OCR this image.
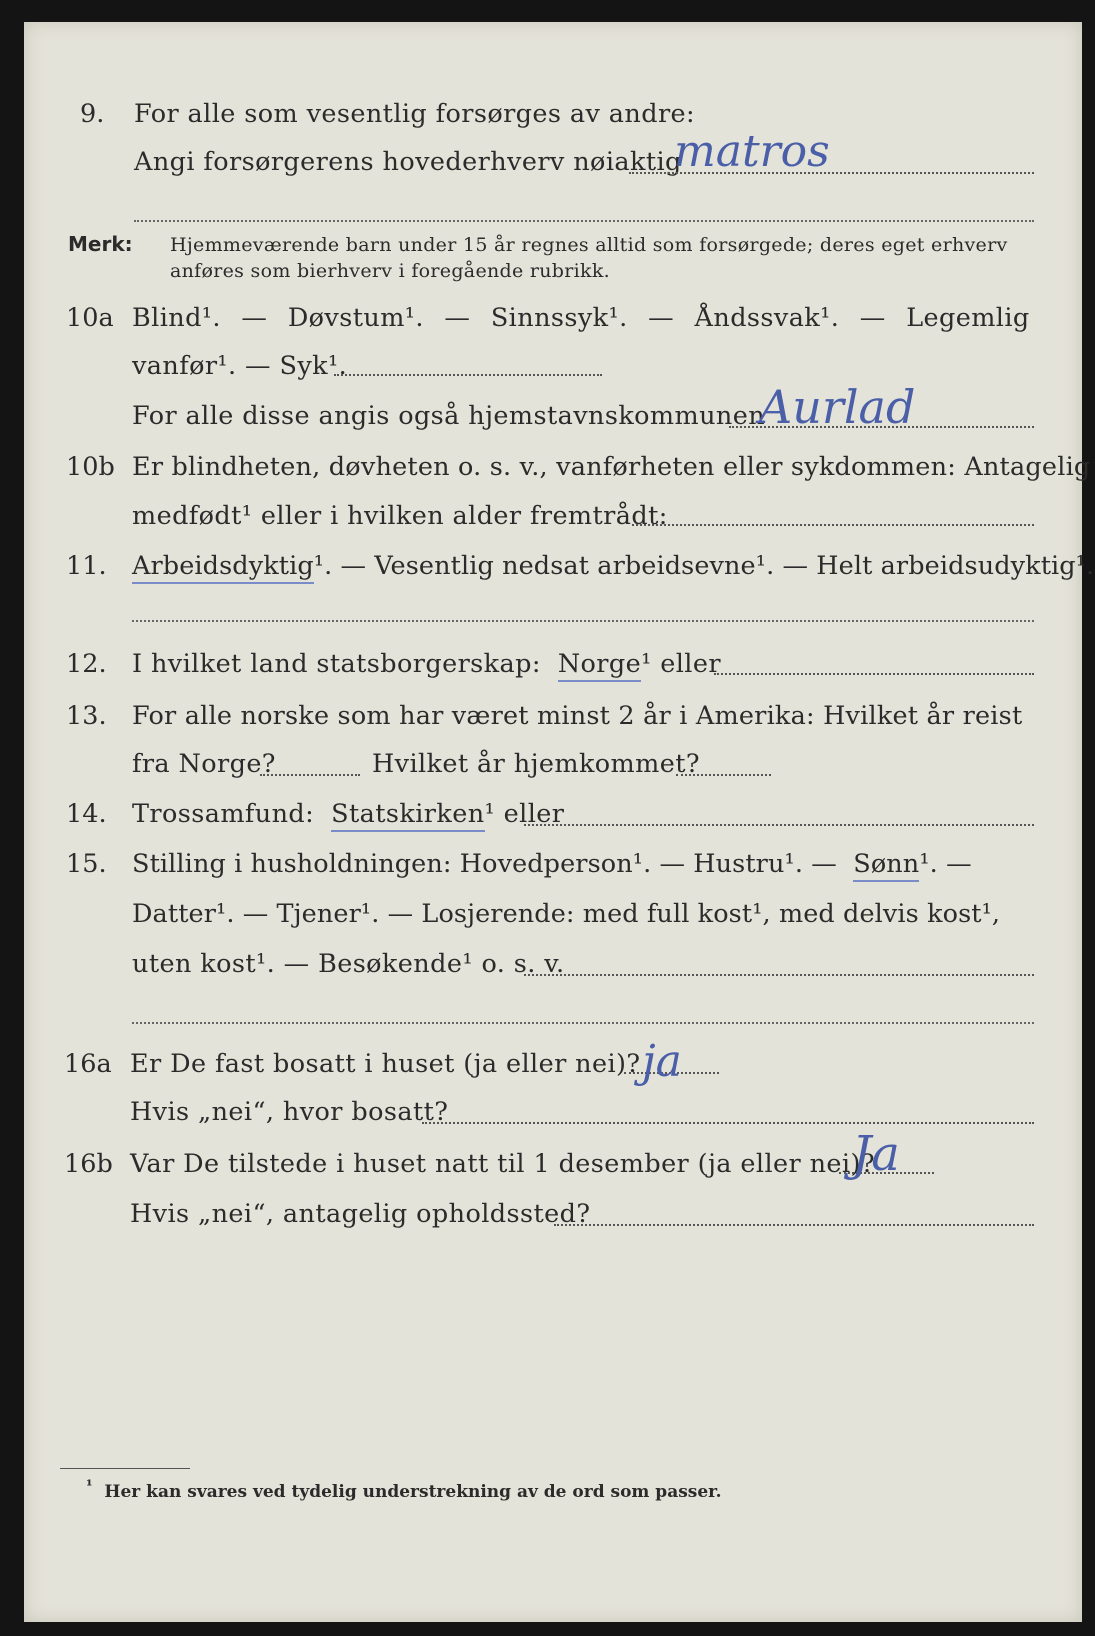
9. For alle som vesentlig forsørges av andre:
Angi forsørgerens hovederhverv nøiaktig
matros
Merk: Hjemmeværende barn under 15 år regnes alltid som forsørgede; deres eget erhverv
anføres som bierhverv i foregående rubrikk.
10a Blind¹. — Døvstum¹. — Sinnssyk¹. — Åndssvak¹. — Legemlig
vanfør¹. — Syk¹.
For alle disse angis også hjemstavnskommunen
Aurlad
10b Er blindheten, døvheten o. s. v., vanførheten eller sykdommen: Antagelig
medfødt¹ eller i hvilken alder fremtrådt:
11. Arbeidsdyktig¹. — Vesentlig nedsat arbeidsevne¹. — Helt arbeidsudyktig¹.
12. I hvilket land statsborgerskap: Norge¹ eller
13. For alle norske som har været minst 2 år i Amerika: Hvilket år reist
fra Norge?	Hvilket år hjemkommet?
14. Trossamfund: Statskirken¹ eller
15. Stilling i husholdningen: Hovedperson¹. — Hustru¹. — Sønn¹. —
Datter¹. — Tjener¹. — Losjerende: med full kost¹, med delvis kost¹,
uten kost¹. — Besøkende¹ o. s. v.
16a Er De fast bosatt i huset (ja eller nei)? ja
Hvis „nei“, hvor bosatt?
16b Var De tilstede i huset natt til 1 desember (ja eller nei)?
Ja
Hvis „nei“, antagelig opholdssted?
¹ Her kan svares ved tydelig understrekning av de ord som passer.
